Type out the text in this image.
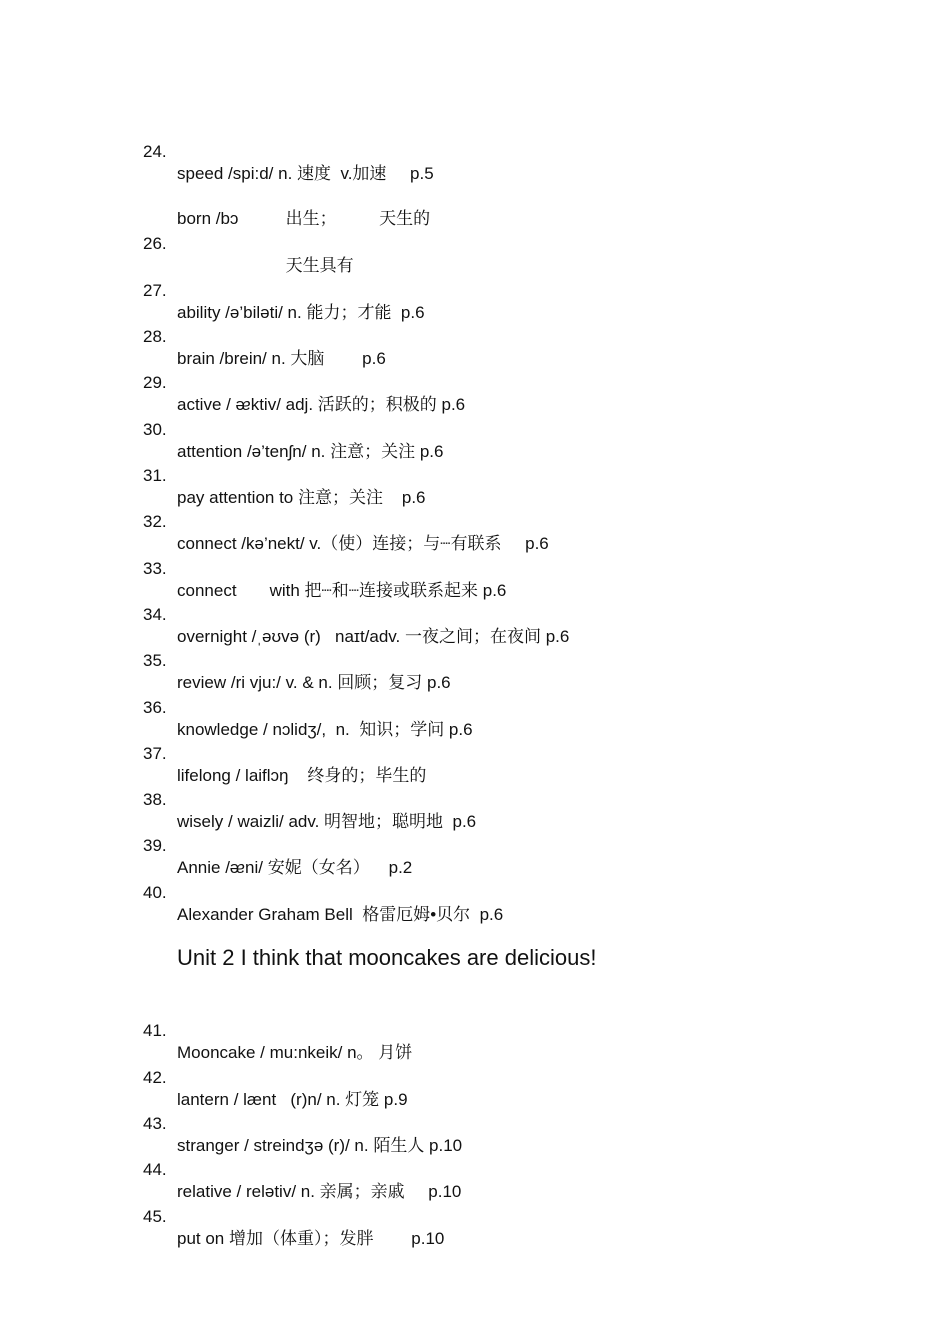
24.

speed /spi:d/ n. 速度  v.加速     p.5

born /bɔ          出生；         天生的

26.

天生具有

27.

ability /ə’biləti/ n. 能力；才能  p.6

28.

brain /brein/ n. 大脑        p.6

29.

active / ᴂktiv/ adj. 活跃的；积极的 p.6

30.

attention /ə’tenʃn/ n. 注意；关注 p.6

31.

pay attention to 注意；关注    p.6

32.

connect /kə’nekt/ v.（使）连接；与┈有联系     p.6

33.

connect       with 把┈和┈连接或联系起来 p.6

34.

overnight /ˌəʊvə (r)   naɪt/adv. 一夜之间；在夜间 p.6

35.

review /ri vju:/ v. & n. 回顾；复习 p.6

36.

knowledge / nɔlidʒ/,  n.  知识；学问 p.6

37.

lifelong / laiflɔŋ    终身的；毕生的

38.

wisely / waizli/ adv. 明智地；聪明地  p.6

39.

Annie /ᴂni/ 安妮（女名）    p.2

40.

Alexander Graham Bell  格雷厄姆•贝尔  p.6

Unit 2 I think that mooncakes are delicious!

41.

Mooncake / mu:nkeik/ n。 月饼

42.

lantern / lænt   (r)n/ n. 灯笼 p.9

43.

stranger / streindʒə (r)/ n. 陌生人 p.10

44.

relative / relətiv/ n. 亲属；亲戚     p.10

45.

put on 增加（体重）；发胖        p.10
